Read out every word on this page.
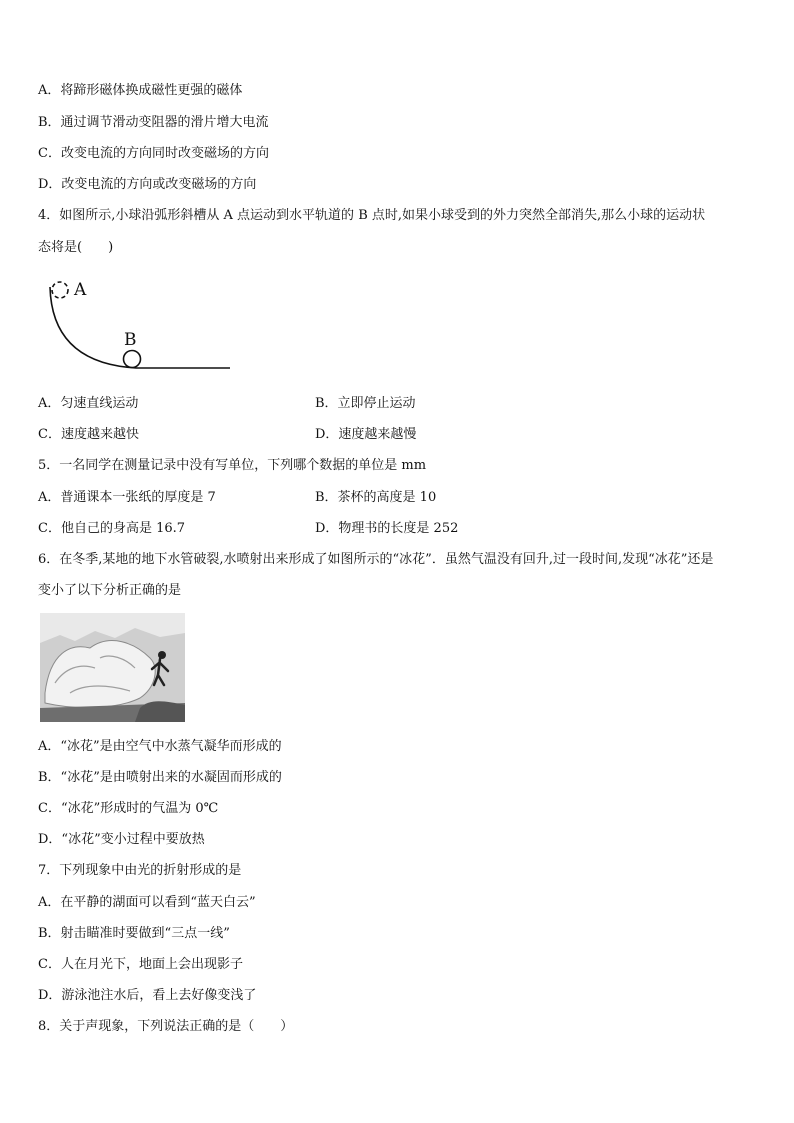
A．将蹄形磁体换成磁性更强的磁体
B．通过调节滑动变阻器的滑片增大电流
C．改变电流的方向同时改变磁场的方向
D．改变电流的方向或改变磁场的方向
4．如图所示,小球沿弧形斜槽从 A 点运动到水平轨道的 B 点时,如果小球受到的外力突然全部消失,那么小球的运动状
态将是(　　)
A
B
A．匀速直线运动	B．立即停止运动
C．速度越来越快	D．速度越来越慢
5．一名同学在测量记录中没有写单位，下列哪个数据的单位是 mm
A．普通课本一张纸的厚度是 7	B．茶杯的高度是 10
C．他自己的身高是 16.7	D．物理书的长度是 252
6．在冬季,某地的地下水管破裂,水喷射出来形成了如图所示的“冰花”．虽然气温没有回升,过一段时间,发现“冰花”还是
变小了以下分析正确的是
A．“冰花”是由空气中水蒸气凝华而形成的
B．“冰花”是由喷射出来的水凝固而形成的
C．“冰花”形成时的气温为 0℃
D．“冰花”变小过程中要放热
7．下列现象中由光的折射形成的是
A．在平静的湖面可以看到“蓝天白云”
B．射击瞄准时要做到“三点一线”
C．人在月光下，地面上会出现影子
D．游泳池注水后，看上去好像变浅了
8．关于声现象，下列说法正确的是（　　）
